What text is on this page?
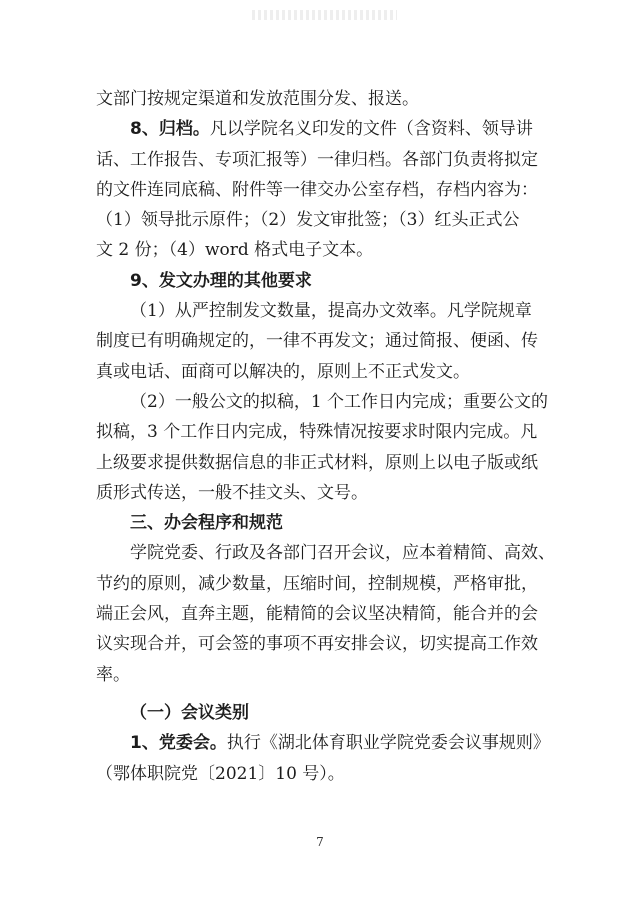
文部门按规定渠道和发放范围分发、报送。
8、归档。凡以学院名义印发的文件（含资料、领导讲
话、工作报告、专项汇报等）一律归档。各部门负责将拟定
的文件连同底稿、附件等一律交办公室存档，存档内容为：
（1）领导批示原件；（2）发文审批签；（3）红头正式公
文 2 份；（4）word 格式电子文本。
9、发文办理的其他要求
（1）从严控制发文数量，提高办文效率。凡学院规章
制度已有明确规定的，一律不再发文；通过简报、便函、传
真或电话、面商可以解决的，原则上不正式发文。
（2）一般公文的拟稿，1 个工作日内完成；重要公文的
拟稿，3 个工作日内完成，特殊情况按要求时限内完成。凡
上级要求提供数据信息的非正式材料，原则上以电子版或纸
质形式传送，一般不挂文头、文号。
三、办会程序和规范
学院党委、行政及各部门召开会议，应本着精简、高效、
节约的原则，减少数量，压缩时间，控制规模，严格审批，
端正会风，直奔主题，能精简的会议坚决精简，能合并的会
议实现合并，可会签的事项不再安排会议，切实提高工作效
率。
（一）会议类别
1、党委会。执行《湖北体育职业学院党委会议事规则》
（鄂体职院党〔2021〕10 号）。
7
